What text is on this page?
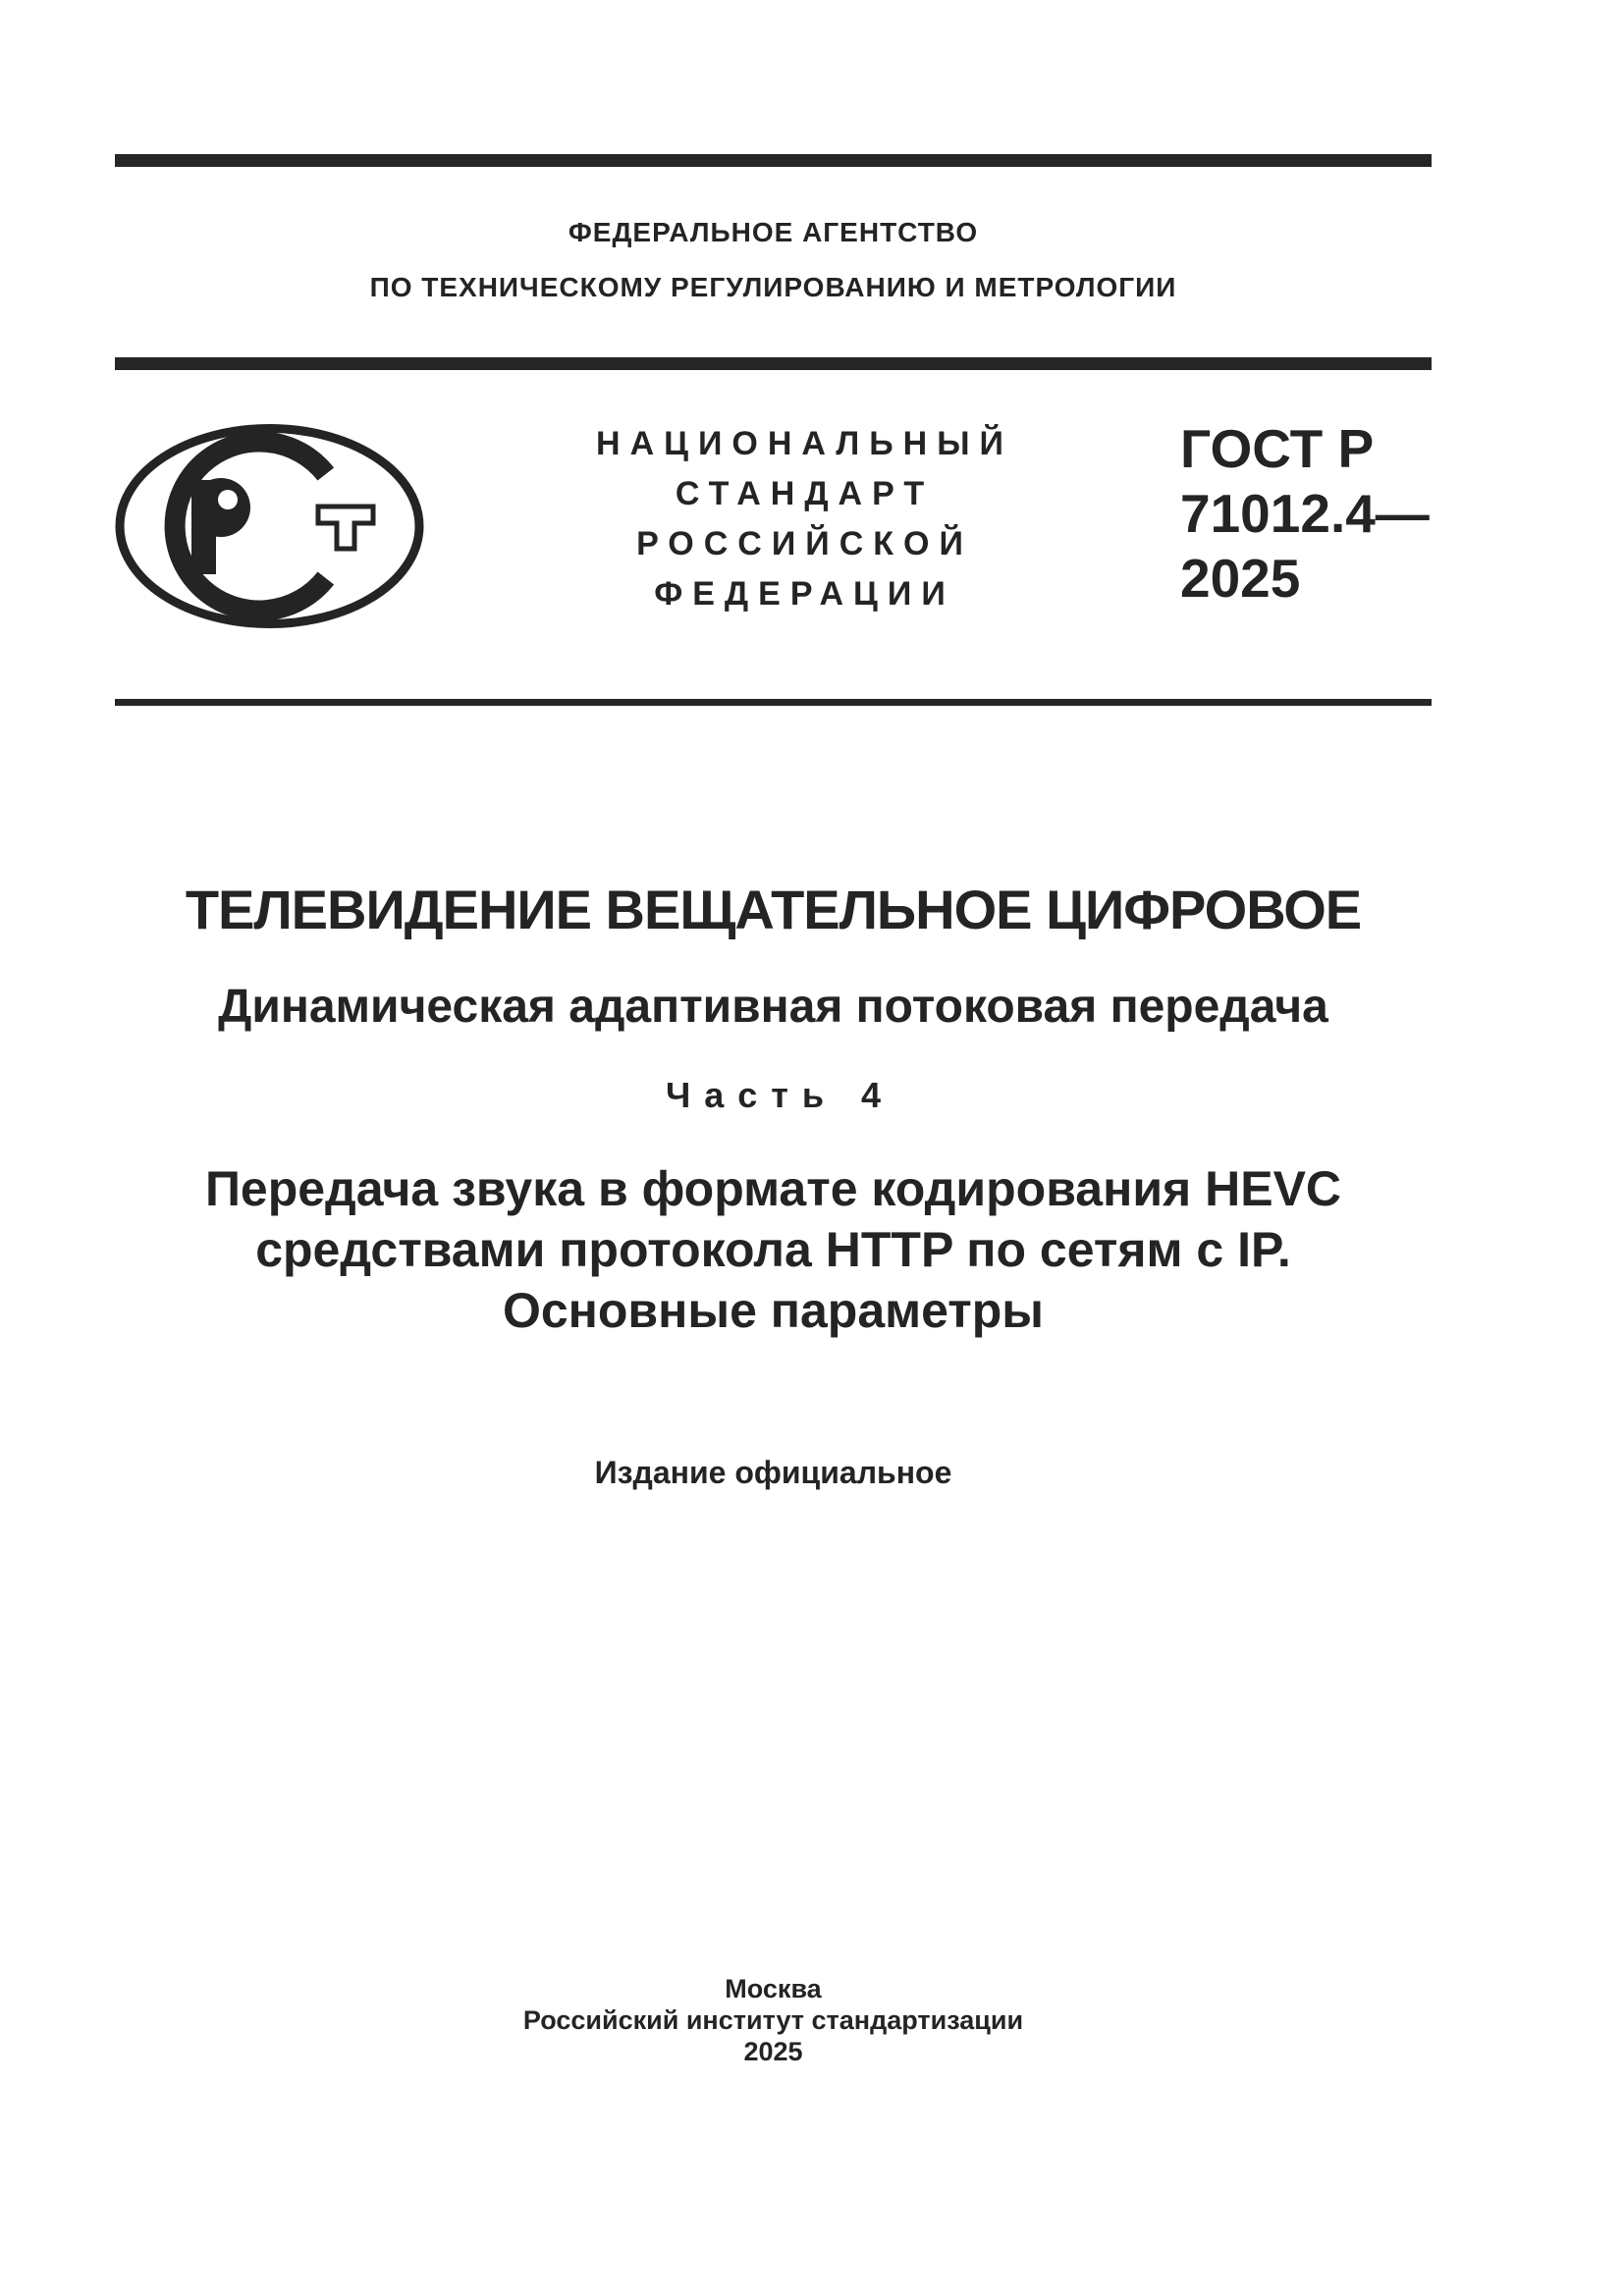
ФЕДЕРАЛЬНОЕ АГЕНТСТВО
ПО ТЕХНИЧЕСКОМУ РЕГУЛИРОВАНИЮ И МЕТРОЛОГИИ
НАЦИОНАЛЬНЫЙ
СТАНДАРТ
РОССИЙСКОЙ
ФЕДЕРАЦИИ
ГОСТ Р
71012.4—
2025
ТЕЛЕВИДЕНИЕ ВЕЩАТЕЛЬНОЕ ЦИФРОВОЕ
Динамическая адаптивная потоковая передача
Часть 4
Передача звука в формате кодирования HEVC
средствами протокола HTTP по сетям с IP.
Основные параметры
Издание официальное
Москва
Российский институт стандартизации
2025
